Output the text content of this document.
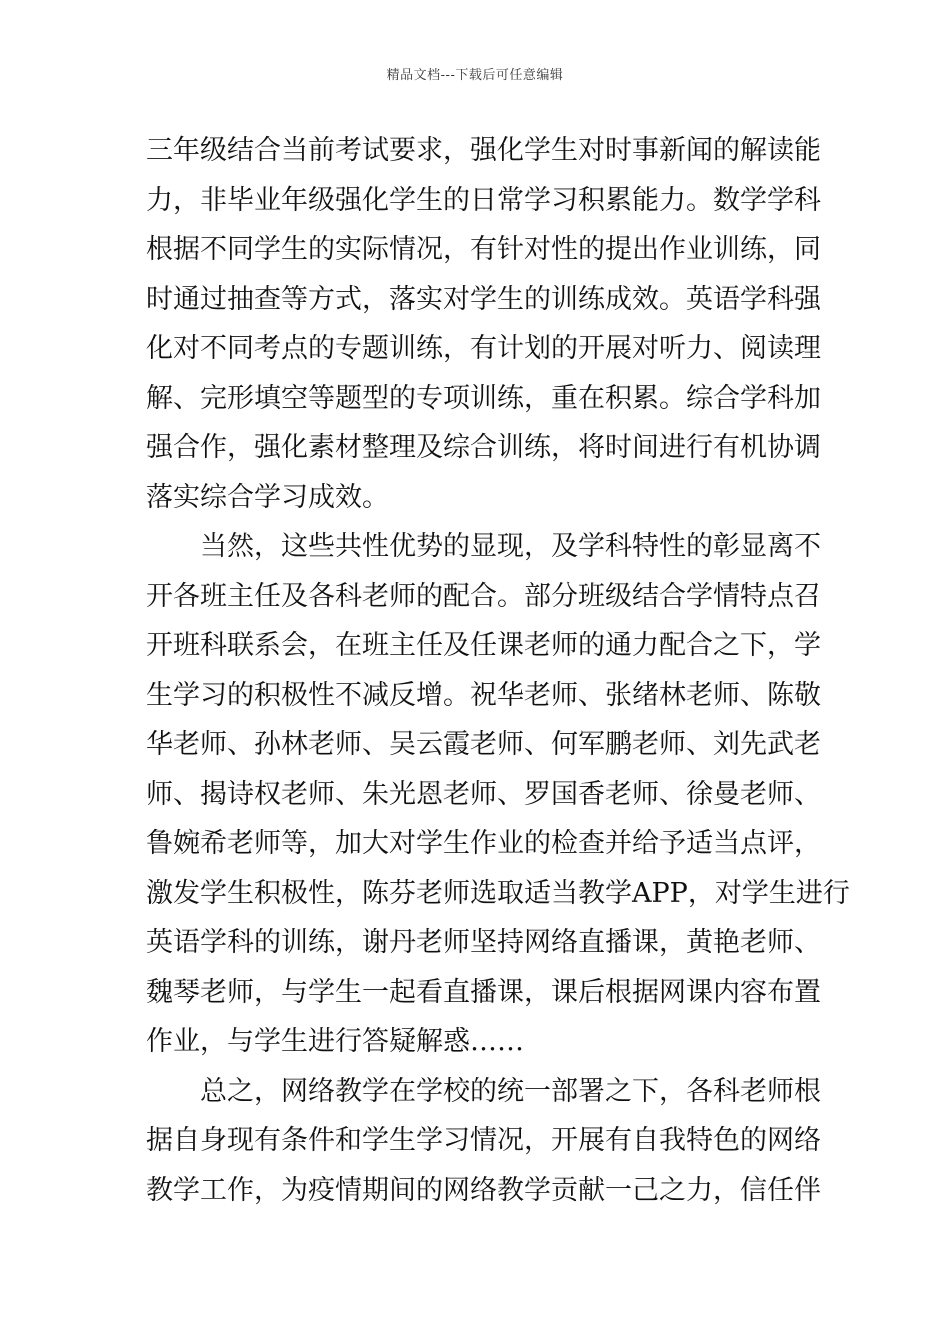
精品文档---下载后可任意编辑
三年级结合当前考试要求，强化学生对时事新闻的解读能
力，非毕业年级强化学生的日常学习积累能力。数学学科
根据不同学生的实际情况，有针对性的提出作业训练，同
时通过抽查等方式，落实对学生的训练成效。英语学科强
化对不同考点的专题训练，有计划的开展对听力、阅读理
解、完形填空等题型的专项训练，重在积累。综合学科加
强合作，强化素材整理及综合训练，将时间进行有机协调
落实综合学习成效。
当然，这些共性优势的显现，及学科特性的彰显离不
开各班主任及各科老师的配合。部分班级结合学情特点召
开班科联系会，在班主任及任课老师的通力配合之下，学
生学习的积极性不减反增。祝华老师、张绪林老师、陈敬
华老师、孙林老师、吴云霞老师、何军鹏老师、刘先武老
师、揭诗权老师、朱光恩老师、罗国香老师、徐曼老师、
鲁婉希老师等，加大对学生作业的检查并给予适当点评，
激发学生积极性，陈芬老师选取适当教学APP，对学生进行
英语学科的训练，谢丹老师坚持网络直播课，黄艳老师、
魏琴老师，与学生一起看直播课，课后根据网课内容布置
作业，与学生进行答疑解惑……
总之，网络教学在学校的统一部署之下，各科老师根
据自身现有条件和学生学习情况，开展有自我特色的网络
教学工作，为疫情期间的网络教学贡献一己之力，信任伴
